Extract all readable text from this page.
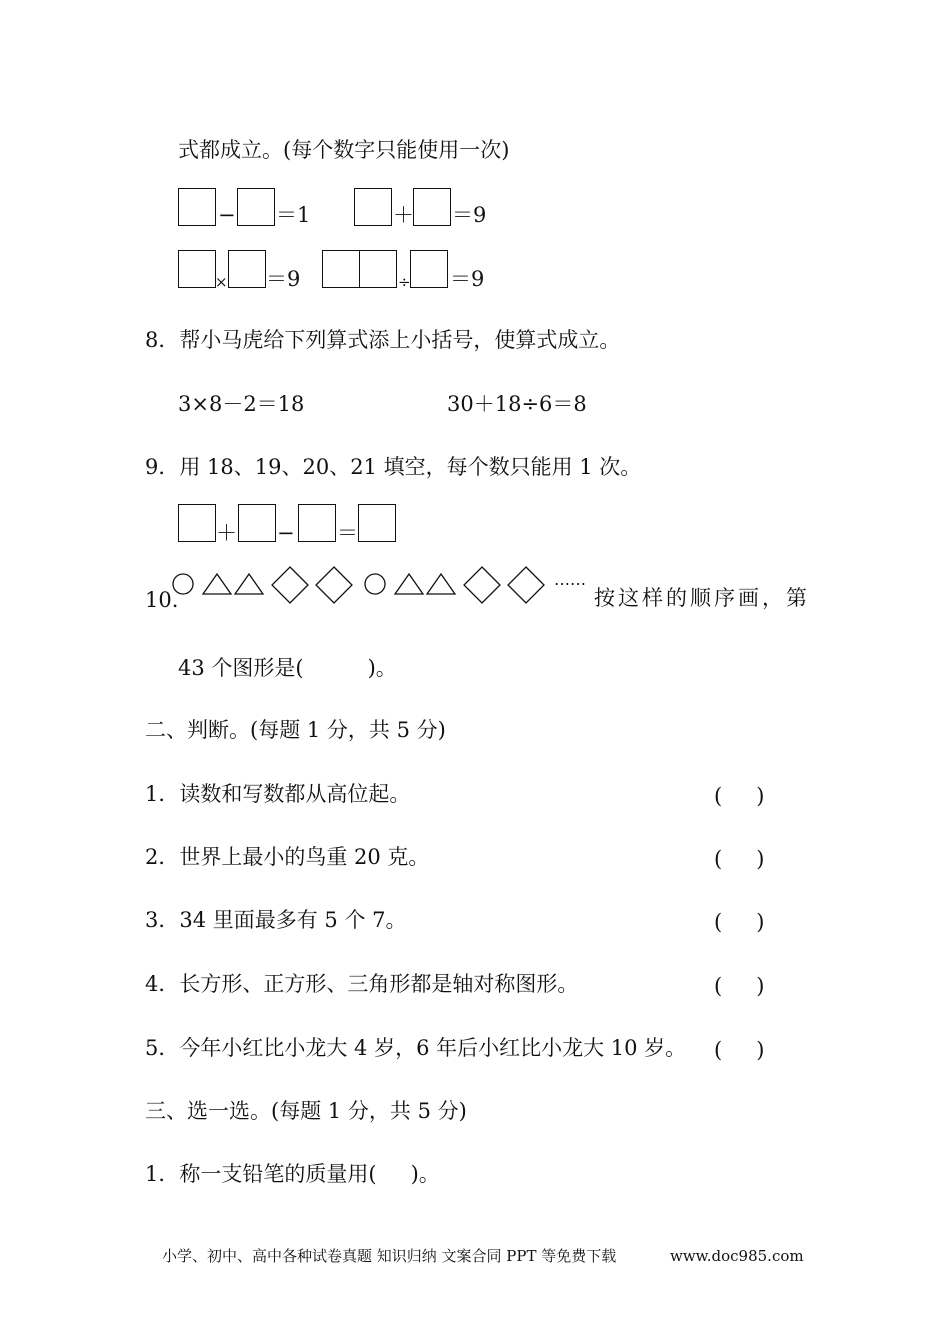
式都成立。(每个数字只能使用一次)
− ＝1	＋ ＝9
× ＝9	÷ ＝9
8．帮小马虎给下列算式添上小括号，使算式成立。
3×8－2＝18	30＋18÷6＝8
9．用 18、19、20、21 填空，每个数只能用 1 次。
＋ − ＝
10.
……
按这样的顺序画，第
43 个图形是(	)。
二、判断。(每题 1 分，共 5 分)
1．读数和写数都从高位起。	( )
2．世界上最小的鸟重 20 克。	( )
3．34 里面最多有 5 个 7。	( )
4．长方形、正方形、三角形都是轴对称图形。	( )
5．今年小红比小龙大 4 岁，6 年后小红比小龙大 10 岁。 ( )
三、选一选。(每题 1 分，共 5 分)
1．称一支铅笔的质量用( )。
小学、初中、高中各种试卷真题 知识归纳 文案合同 PPT 等免费下载	www.doc985.com
